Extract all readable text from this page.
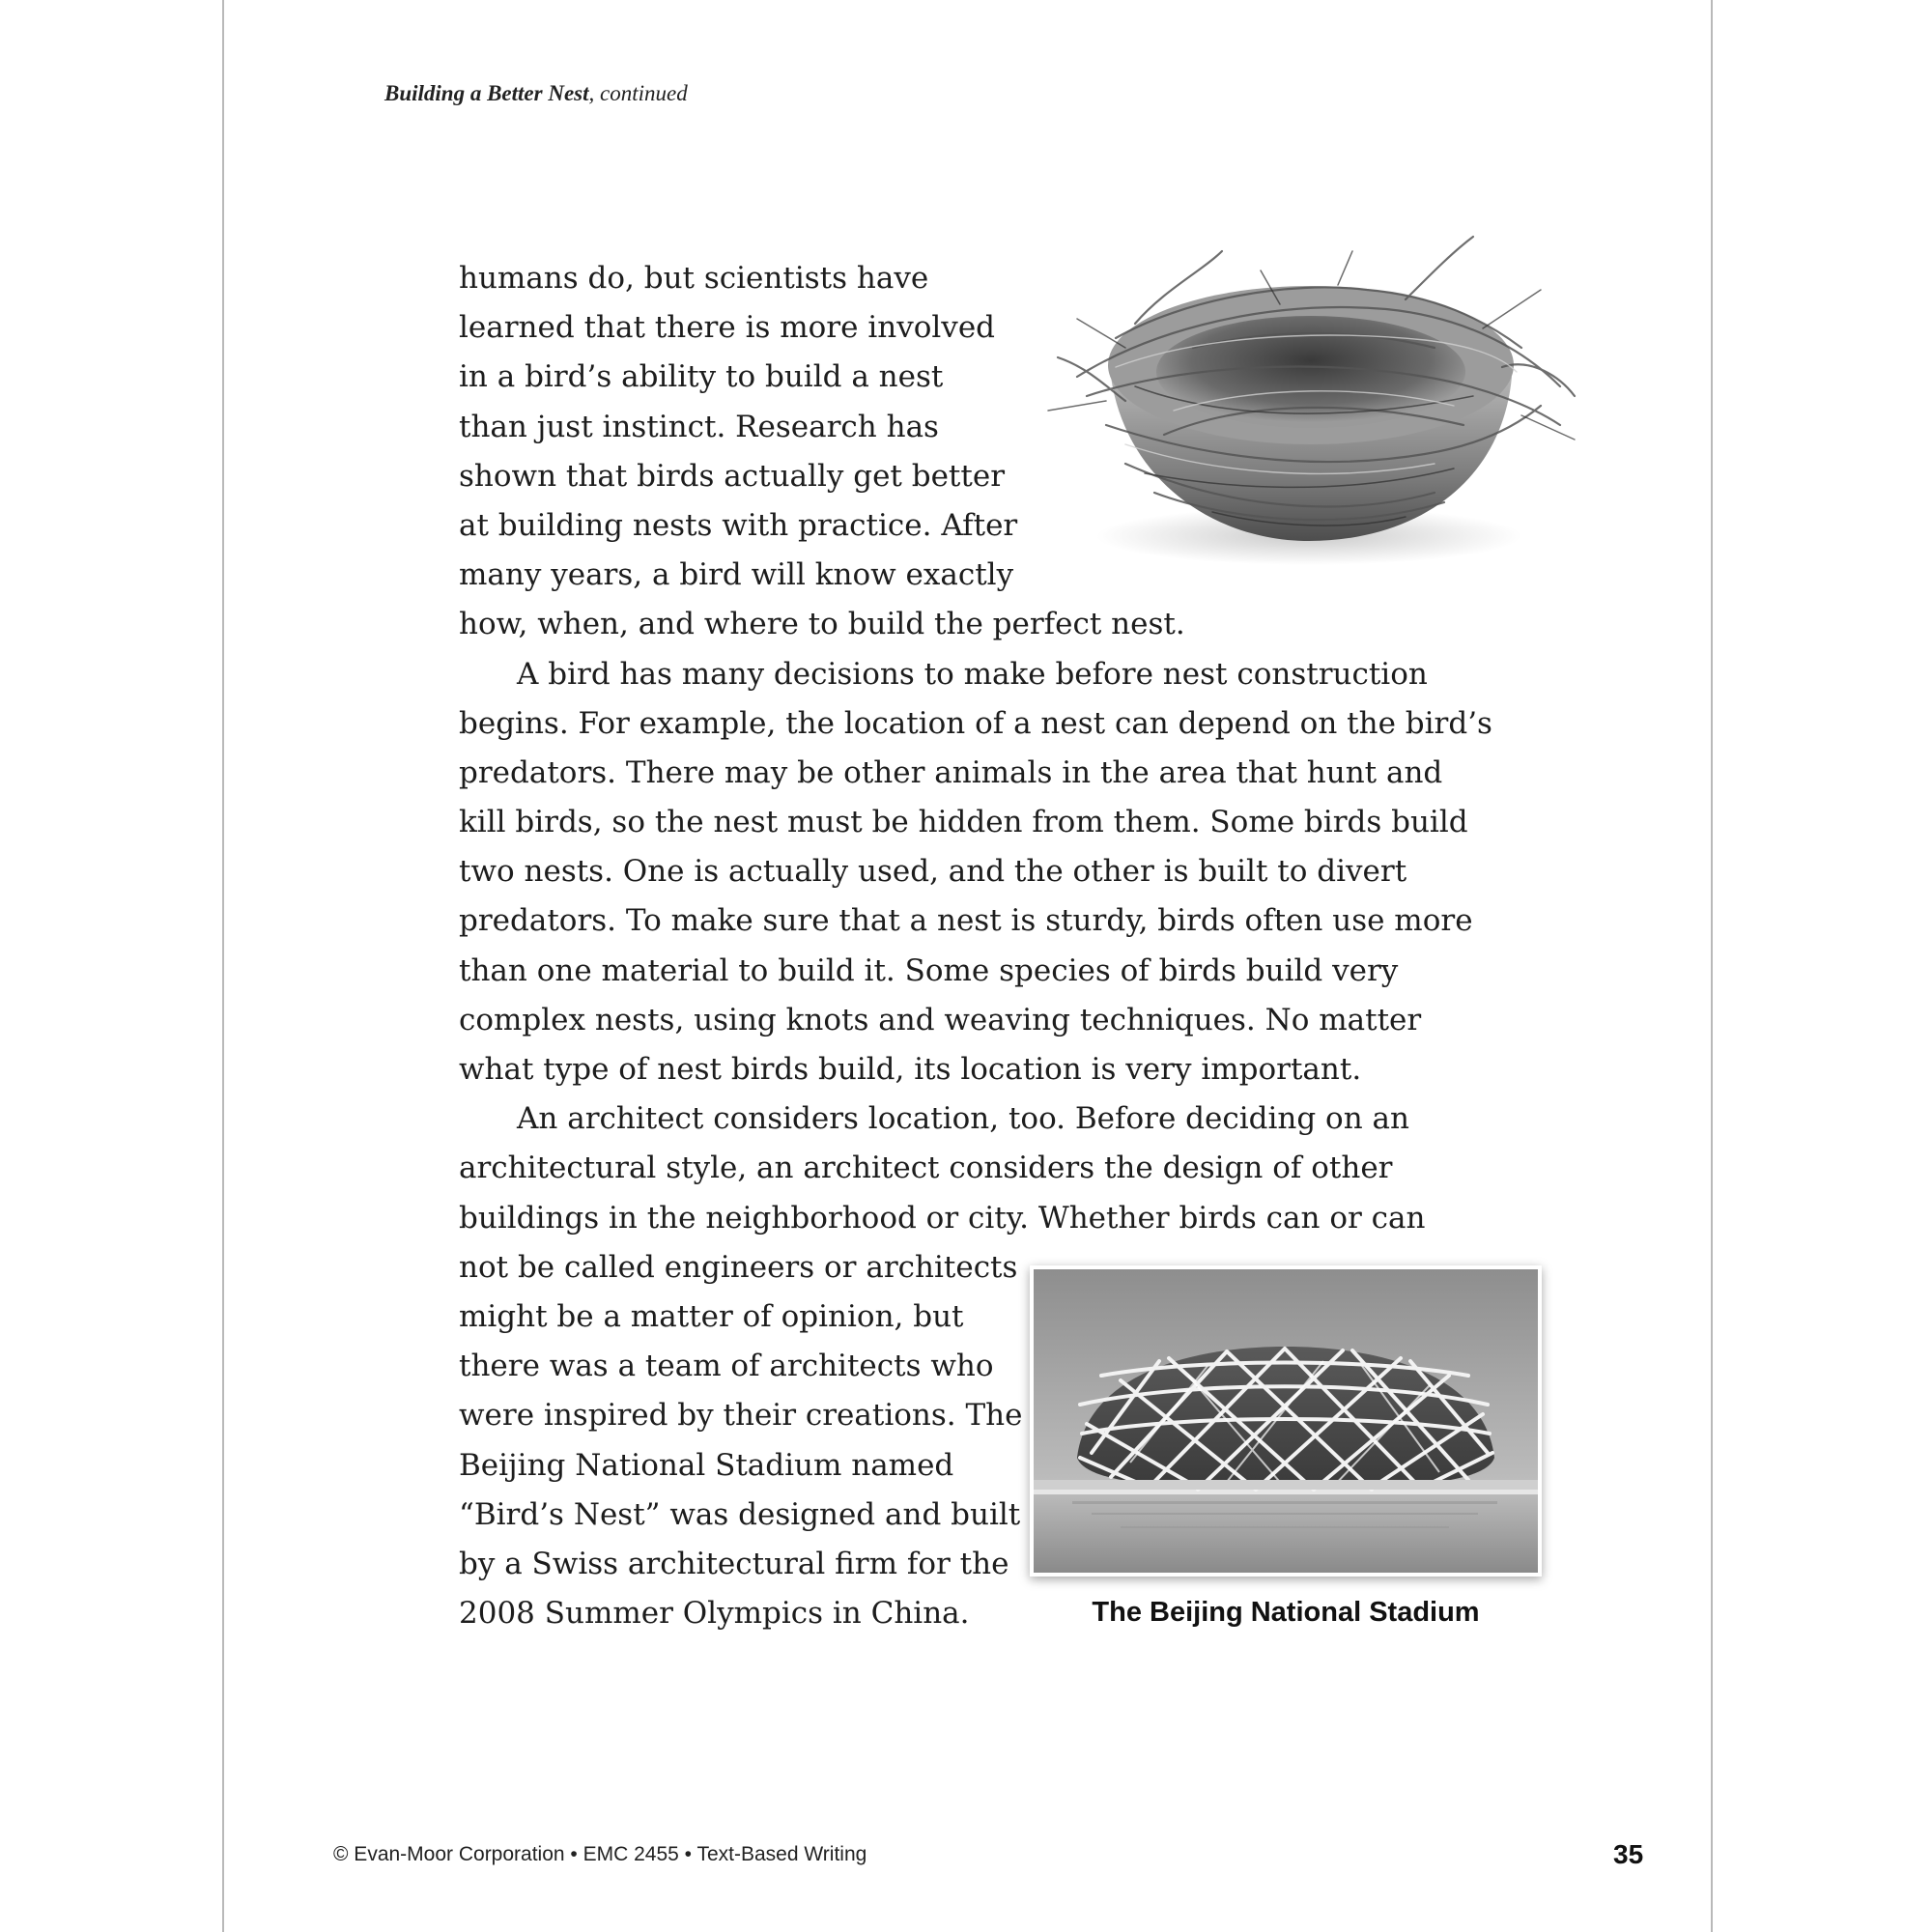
Building a Better Nest, continued
humans do, but scientists have
learned that there is more involved
in a bird’s ability to build a nest
than just instinct. Research has
shown that birds actually get better
at building nests with practice. After
many years, a bird will know exactly
how, when, and where to build the perfect nest.
A bird has many decisions to make before nest construction
begins. For example, the location of a nest can depend on the bird’s
predators. There may be other animals in the area that hunt and
kill birds, so the nest must be hidden from them. Some birds build
two nests. One is actually used, and the other is built to divert
predators. To make sure that a nest is sturdy, birds often use more
than one material to build it. Some species of birds build very
complex nests, using knots and weaving techniques. No matter
what type of nest birds build, its location is very important.
An architect considers location, too. Before deciding on an
architectural style, an architect considers the design of other
buildings in the neighborhood or city. Whether birds can or can
not be called engineers or architects
might be a matter of opinion, but
there was a team of architects who
were inspired by their creations. The
Beijing National Stadium named
“Bird’s Nest” was designed and built
by a Swiss architectural firm for the
2008 Summer Olympics in China.	The Beijing National Stadium
© Evan-Moor Corporation • EMC 2455 • Text-Based Writing	35
